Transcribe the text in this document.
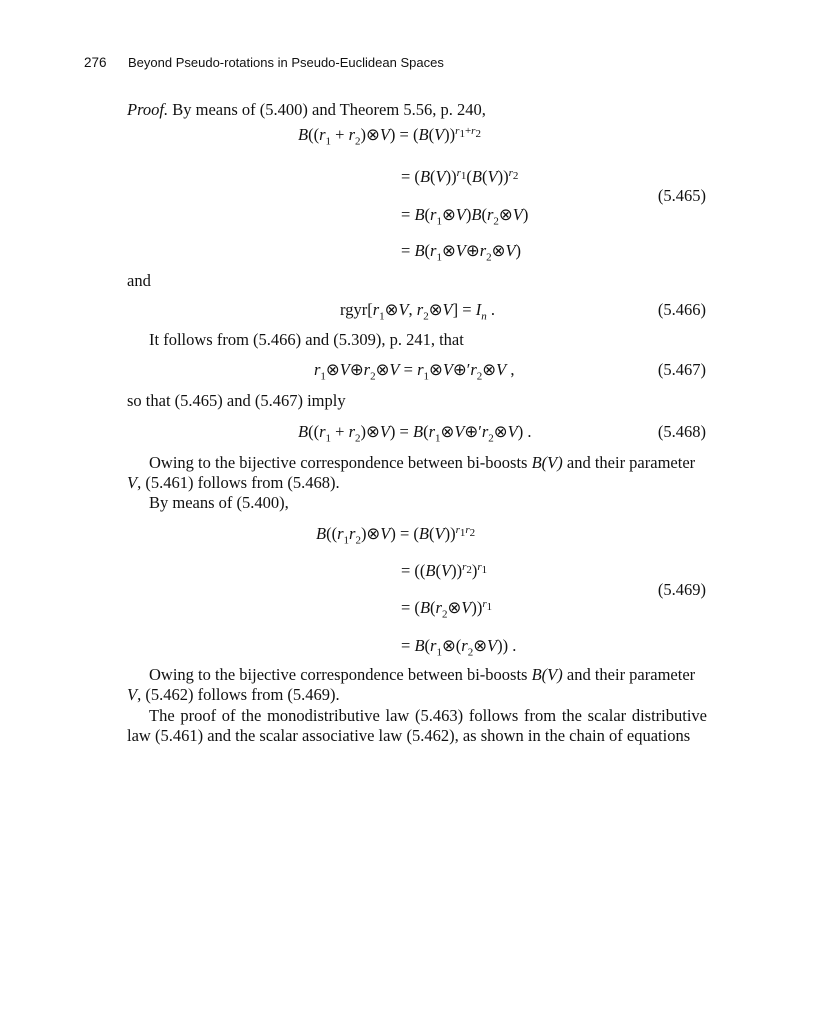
276 Beyond Pseudo-rotations in Pseudo-Euclidean Spaces
Proof. By means of (5.400) and Theorem 5.56, p. 240,
$B((r_1$ + $r_2)\otimes V) = (B(V))^{r_1+r_2}$
= $(B(V))^{r_1}(B(V))^{r_2}$
= $B(r_1\otimes V)B(r_2\otimes V)$
= $B(r_1\otimes V\oplus r_2\otimes V)$
(5.465)
and
$rgyr[r_1\otimes V$, $r_2\otimes V] = I_n$ .	(5.466)
It follows from (5.466) and (5.309), p. 241, that
$r_1\otimes V\oplus r_2\otimes V$ = $r_1\otimes V\oplus'r_2\otimes V$ ,	(5.467)
so that (5.465) and (5.467) imply
$B((r_1$ + $r_2)\otimes V$) = $B(r_1\otimes V\oplus'r_2\otimes V)$ .	(5.468)
Owing to the bijective correspondence between bi-boosts B(V) and their parameter
V, (5.461) follows from (5.468).
By means of (5.400),
$B((r_1r_2)\otimes V) = (B(V))^{r_1r_2}$
= $((B(V))^{r_2})^{r_1}$
= $(B(r_2\otimes V))^{r_1}$
= $B(r_1\otimes(r_2\otimes V))$ .
(5.469)
Owing to the bijective correspondence between bi-boosts B(V) and their parameter
V, (5.462) follows from (5.469).
The proof of the monodistributive law (5.463) follows from the scalar distributive law (5.461) and the scalar associative law (5.462), as shown in the chain of equations
